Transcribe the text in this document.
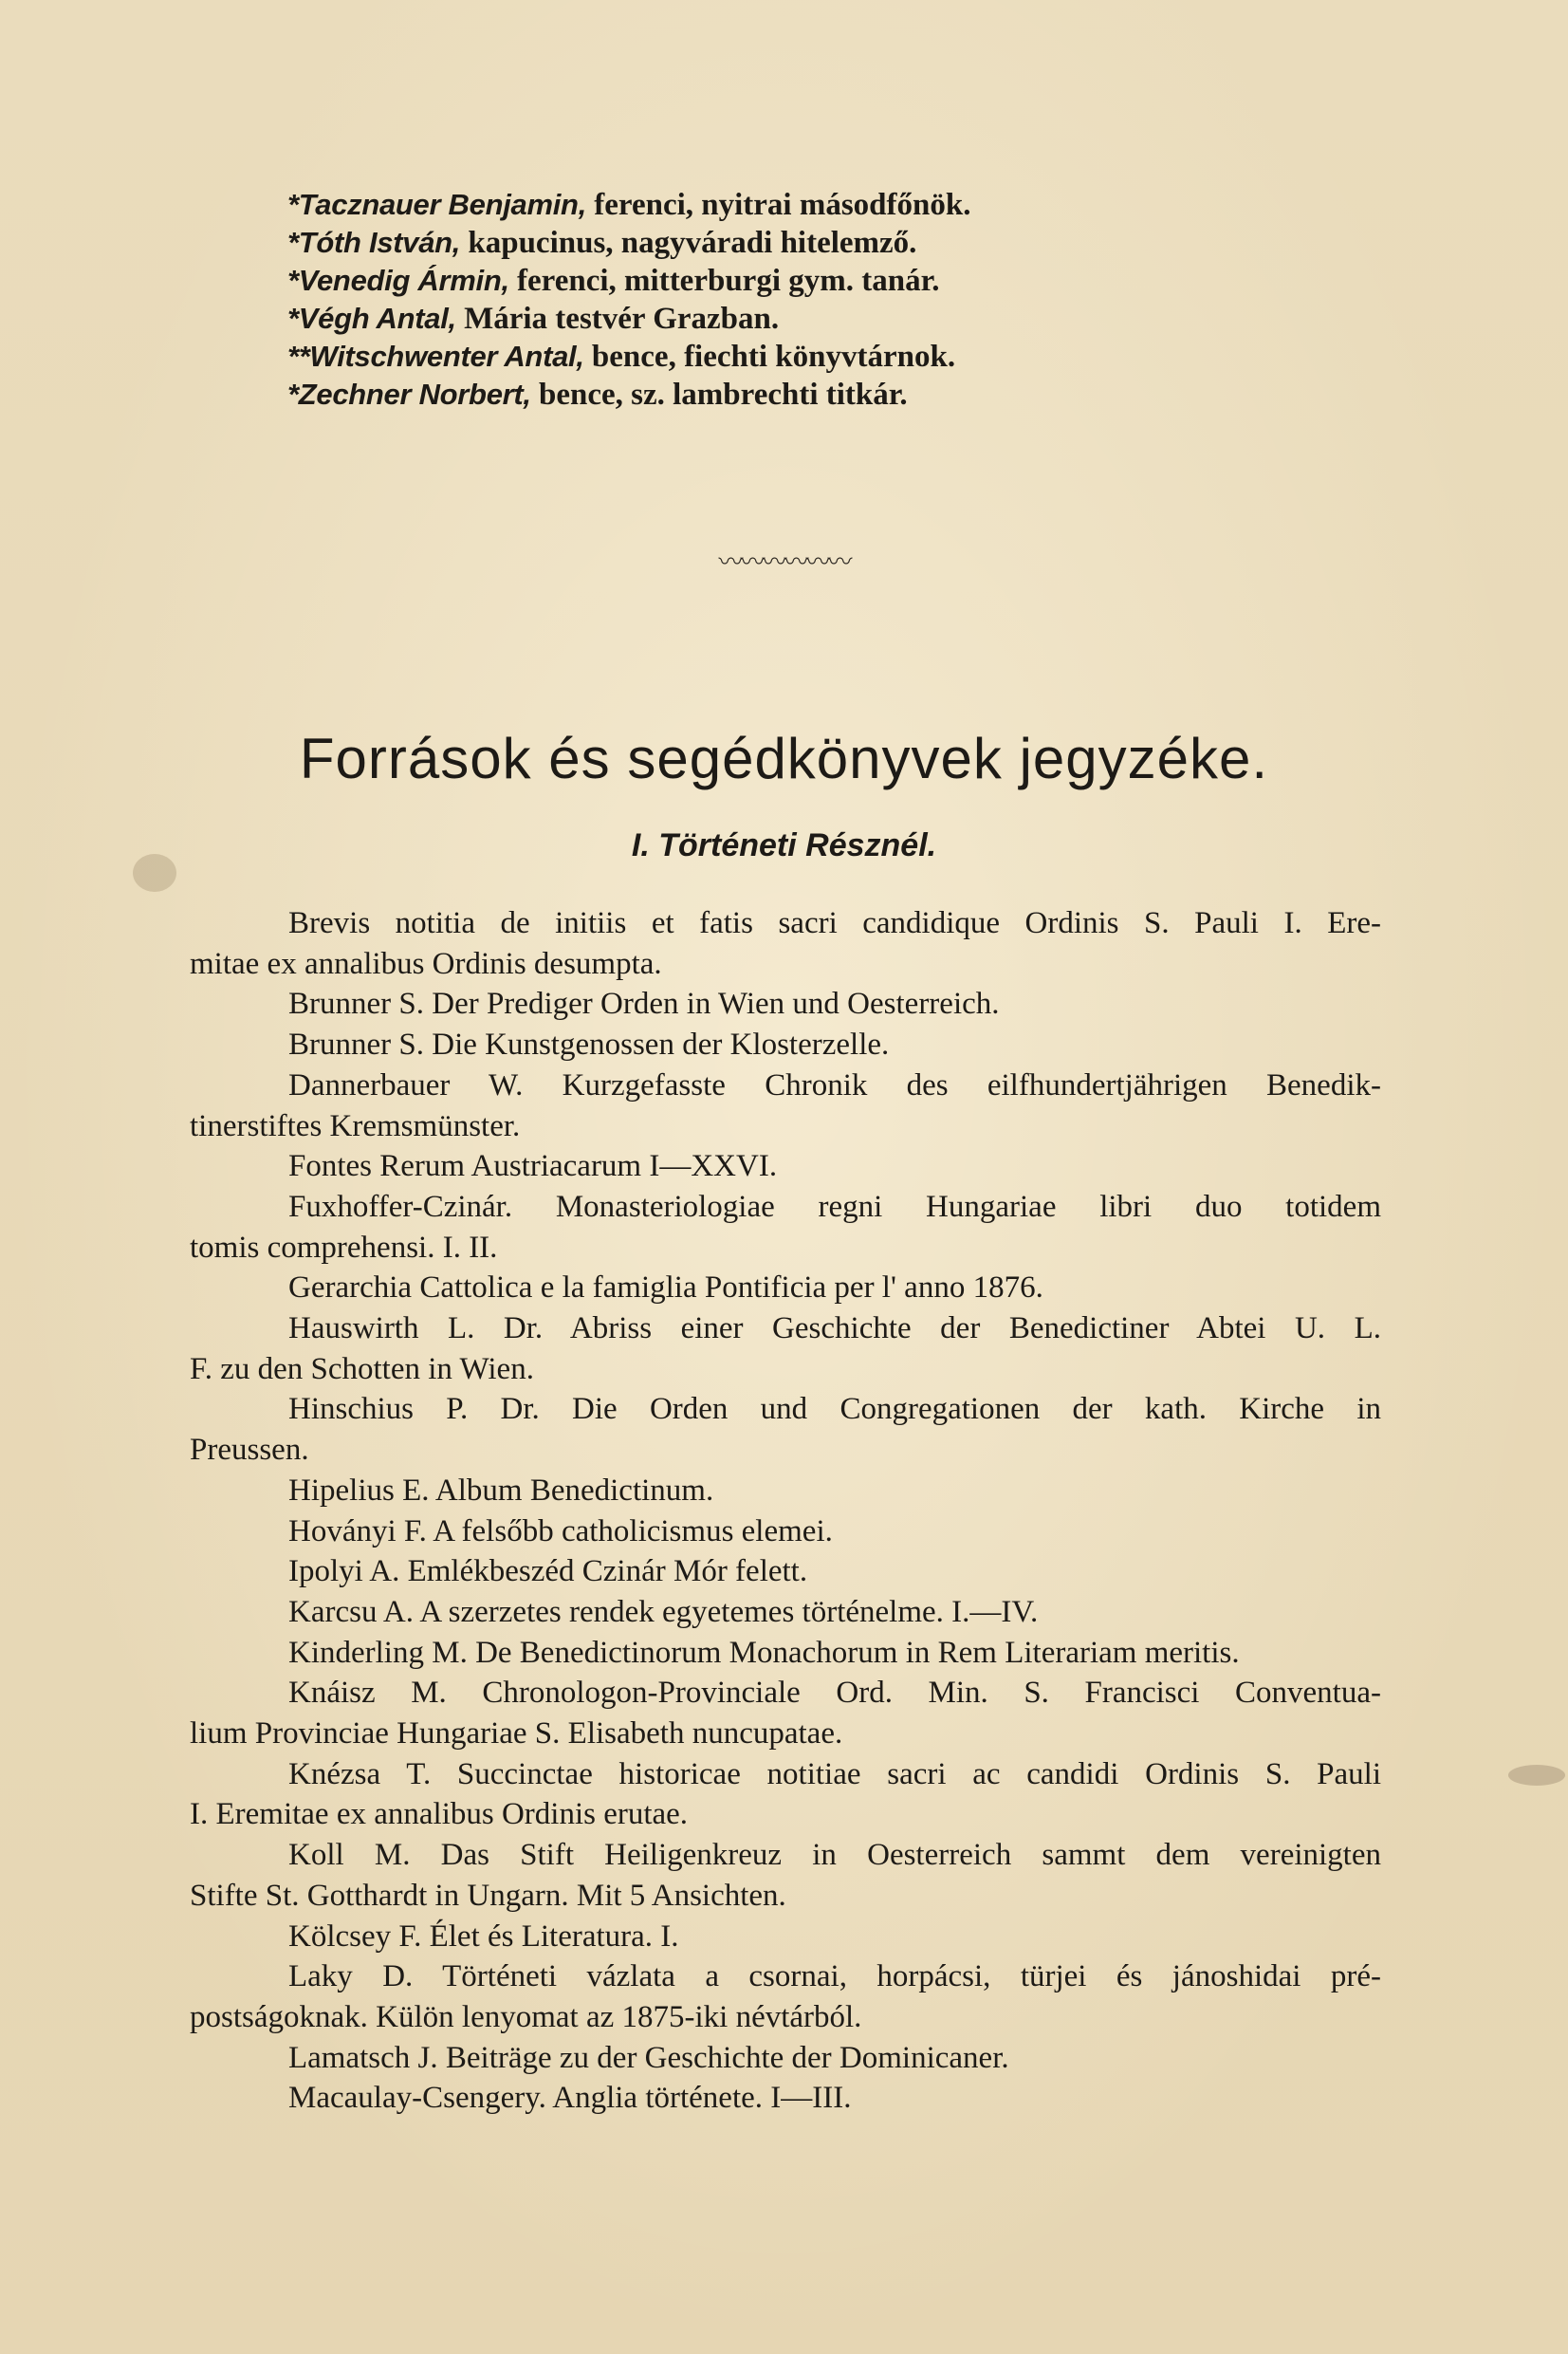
*Tacznauer Benjamin, ferenci, nyitrai másodfőnök.
*Tóth István, kapucinus, nagyváradi hitelemző.
*Venedig Ármin, ferenci, mitterburgi gym. tanár.
*Végh Antal, Mária testvér Grazban.
**Witschwenter Antal, bence, fiechti könyvtárnok.
*Zechner Norbert, bence, sz. lambrechti titkár.
〰〰〰〰〰〰
Források és segédkönyvek jegyzéke.
I. Történeti Résznél.
Brevis notitia de initiis et fatis sacri candidique Ordinis S. Pauli I. Ere-
mitae ex annalibus Ordinis desumpta.
Brunner S. Der Prediger Orden in Wien und Oesterreich.
Brunner S. Die Kunstgenossen der Klosterzelle.
Dannerbauer W. Kurzgefasste Chronik des eilfhundertjährigen Benedik-
tinerstiftes Kremsmünster.
Fontes Rerum Austriacarum I—XXVI.
Fuxhoffer-Czinár. Monasteriologiae regni Hungariae libri duo totidem
tomis comprehensi. I. II.
Gerarchia Cattolica e la famiglia Pontificia per l' anno 1876.
Hauswirth L. Dr. Abriss einer Geschichte der Benedictiner Abtei U. L.
F. zu den Schotten in Wien.
Hinschius P. Dr. Die Orden und Congregationen der kath. Kirche in
Preussen.
Hipelius E. Album Benedictinum.
Hoványi F. A felsőbb catholicismus elemei.
Ipolyi A. Emlékbeszéd Czinár Mór felett.
Karcsu A. A szerzetes rendek egyetemes történelme. I.—IV.
Kinderling M. De Benedictinorum Monachorum in Rem Literariam meritis.
Knáisz M. Chronologon-Provinciale Ord. Min. S. Francisci Conventua-
lium Provinciae Hungariae S. Elisabeth nuncupatae.
Knézsa T. Succinctae historicae notitiae sacri ac candidi Ordinis S. Pauli
I. Eremitae ex annalibus Ordinis erutae.
Koll M. Das Stift Heiligenkreuz in Oesterreich sammt dem vereinigten
Stifte St. Gotthardt in Ungarn. Mit 5 Ansichten.
Kölcsey F. Élet és Literatura. I.
Laky D. Történeti vázlata a csornai, horpácsi, türjei és jánoshidai pré-
postságoknak. Külön lenyomat az 1875-iki névtárból.
Lamatsch J. Beiträge zu der Geschichte der Dominicaner.
Macaulay-Csengery. Anglia története. I—III.
